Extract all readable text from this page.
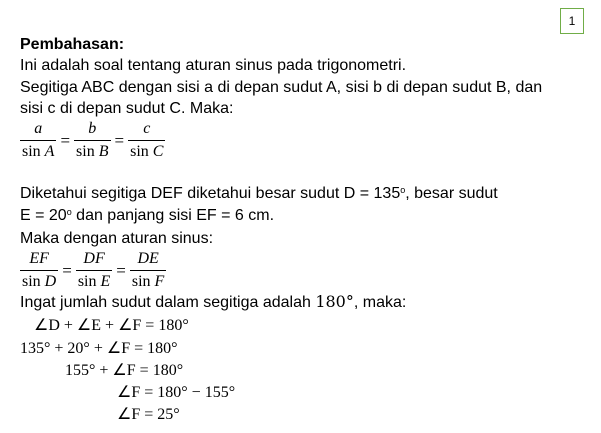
1
Pembahasan:
Ini adalah soal tentang aturan sinus pada trigonometri.
Segitiga ABC dengan sisi a di depan sudut A, sisi b di depan sudut B, dan
sisi c di depan sudut C. Maka:
$\frac{a}{\text{sin A}} = \frac{b}{\text{sin B}} = \frac{c}{\text{sin C}}$
Diketahui segitiga DEF diketahui besar sudut $D = 135^o$, besar sudut
$E = 20^o$ dan panjang sisi EF = 6 cm.
Maka dengan aturan sinus:
$\frac{EF}{\text{sin D}} = \frac{DF}{\text{sin E}} = \frac{DE}{\text{sin F}}$
Ingat jumlah sudut dalam segitiga adalah 180°, maka:
∠D + ∠E + ∠F = 180°
135° + 20° + ∠F = 180°
155° + ∠F = 180°
∠F = 180° − 155°
∠F = 25°
